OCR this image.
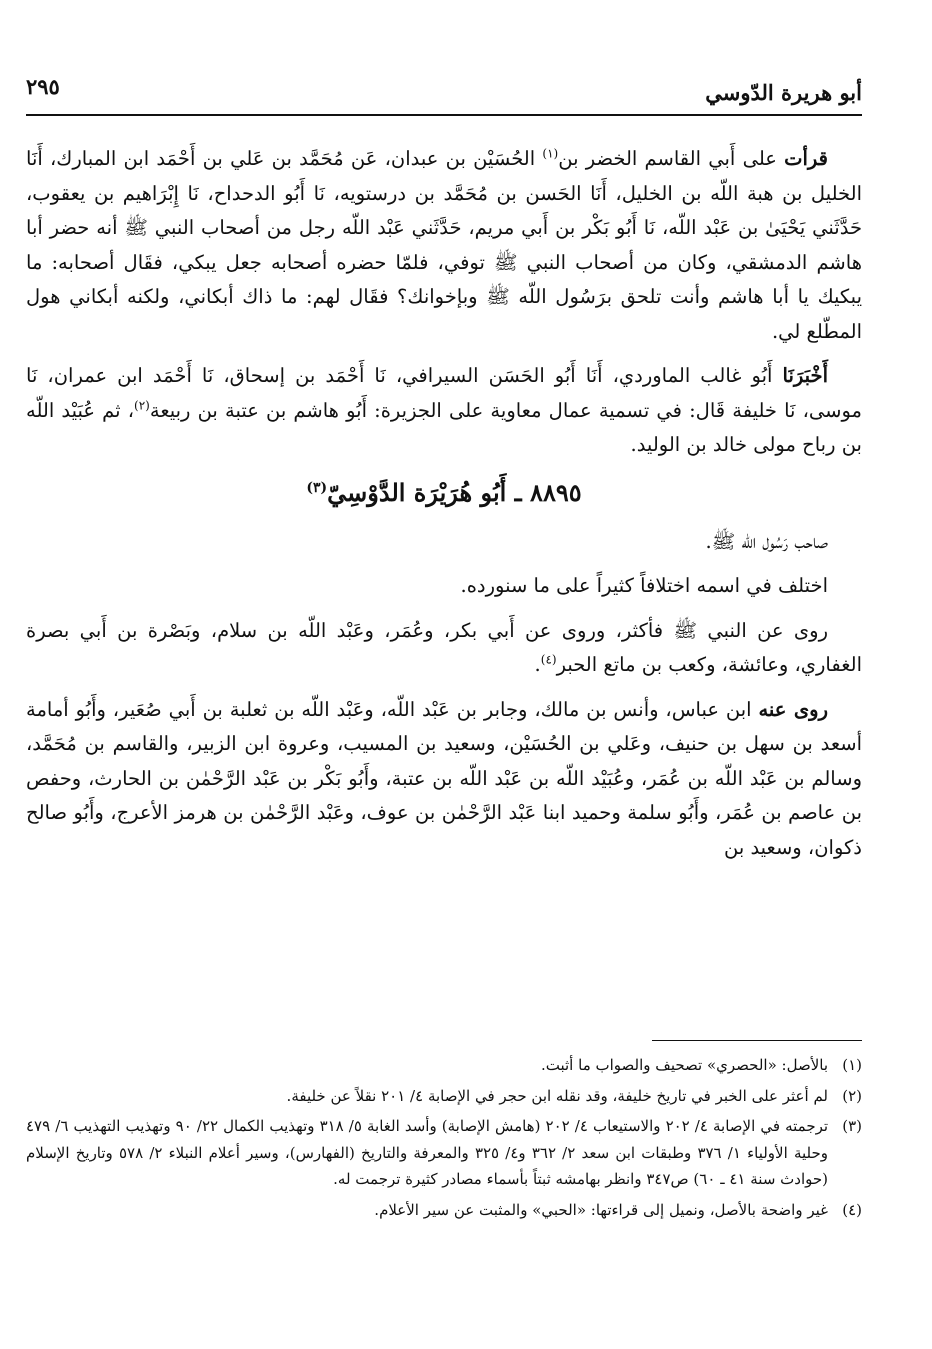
أبو هريرة الدّوسي
٢٩٥

قرأت على أَبي القاسم الخضر بن$^{(١)}$ الحُسَيْن بن عبدان، عَن مُحَمَّد بن عَلي بن أَحْمَد ابن المبارك، أَنَا الخليل بن هبة اللّه بن الخليل، أَنَا الحَسن بن مُحَمَّد بن درستويه، نَا أَبُو الدحداح، نَا إِبْرَاهيم بن يعقوب، حَدَّثَني يَحْيَىٰ بن عَبْد اللّه، نَا أَبُو بَكْر بن أَبي مريم، حَدَّثَني عَبْد اللّه رجل من أصحاب النبي ﷺ أنه حضر أبا هاشم الدمشقي، وكان من أصحاب النبي ﷺ توفي، فلمّا حضره أصحابه جعل يبكي، فقَال أصحابه: ما يبكيك يا أبا هاشم وأنت تلحق برَسُول اللّه ﷺ وبإخوانك؟ فقَال لهم: ما ذاك أبكاني، ولكنه أبكاني هول المطّلع لي.

أَخْبَرَنَا أَبُو غالب الماوردي، أَنَا أَبُو الحَسَن السيرافي، نَا أَحْمَد بن إسحاق، نَا أَحْمَد ابن عمران، نَا موسى، نَا خليفة قَال: في تسمية عمال معاوية على الجزيرة: أَبُو هاشم بن عتبة بن ربيعة$^{(٢)}$، ثم عُبَيْد اللّه بن رباح مولى خالد بن الوليد.

٨٨٩٥ ـ أَبُو هُرَيْرَة الدَّوْسِيّ$^{(٣)}$

صاحب رَسُول اللّه ﷺ.

اختلف في اسمه اختلافاً كثيراً على ما سنورده.

روى عن النبي ﷺ فأكثر، وروى عن أَبي بكر، وعُمَر، وعَبْد اللّه بن سلام، وبَصْرة بن أَبي بصرة الغفاري، وعائشة، وكعب بن ماتع الحبر$^{(٤)}$.

روى عنه ابن عباس، وأنس بن مالك، وجابر بن عَبْد اللّه، وعَبْد اللّه بن ثعلبة بن أَبي صُعَير، وأَبُو أمامة أسعد بن سهل بن حنيف، وعَلي بن الحُسَيْن، وسعيد بن المسيب، وعروة ابن الزبير، والقاسم بن مُحَمَّد، وسالم بن عَبْد اللّه بن عُمَر، وعُبَيْد اللّه بن عَبْد اللّه بن عتبة، وأَبُو بَكْر بن عَبْد الرَّحْمٰن بن الحارث، وحفص بن عاصم بن عُمَر، وأَبُو سلمة وحميد ابنا عَبْد الرَّحْمٰن بن عوف، وعَبْد الرَّحْمٰن بن هرمز الأعرج، وأَبُو صالح ذكوان، وسعيد بن

(١)
بالأصل: «الحصري» تصحيف والصواب ما أثبت.
(٢)
لم أعثر على الخبر في تاريخ خليفة، وقد نقله ابن حجر في الإصابة ٤/ ٢٠١ نقلاً عن خليفة.
(٣)
ترجمته في الإصابة ٤/ ٢٠٢ والاستيعاب ٤/ ٢٠٢ (هامش الإصابة) وأسد الغابة ٥/ ٣١٨ وتهذيب الكمال ٢٢/ ٩٠ وتهذيب التهذيب ٦/ ٤٧٩ وحلية الأولياء ١/ ٣٧٦ وطبقات ابن سعد ٢/ ٣٦٢ و٤/ ٣٢٥ والمعرفة والتاريخ (الفهارس)، وسير أعلام النبلاء ٢/ ٥٧٨ وتاريخ الإسلام (حوادث سنة ٤١ ـ ٦٠) ص٣٤٧ وانظر بهامشه ثبتاً بأسماء مصادر كثيرة ترجمت له.
(٤)
غير واضحة بالأصل، ونميل إلى قراءتها: «الحبي» والمثبت عن سير الأعلام.
